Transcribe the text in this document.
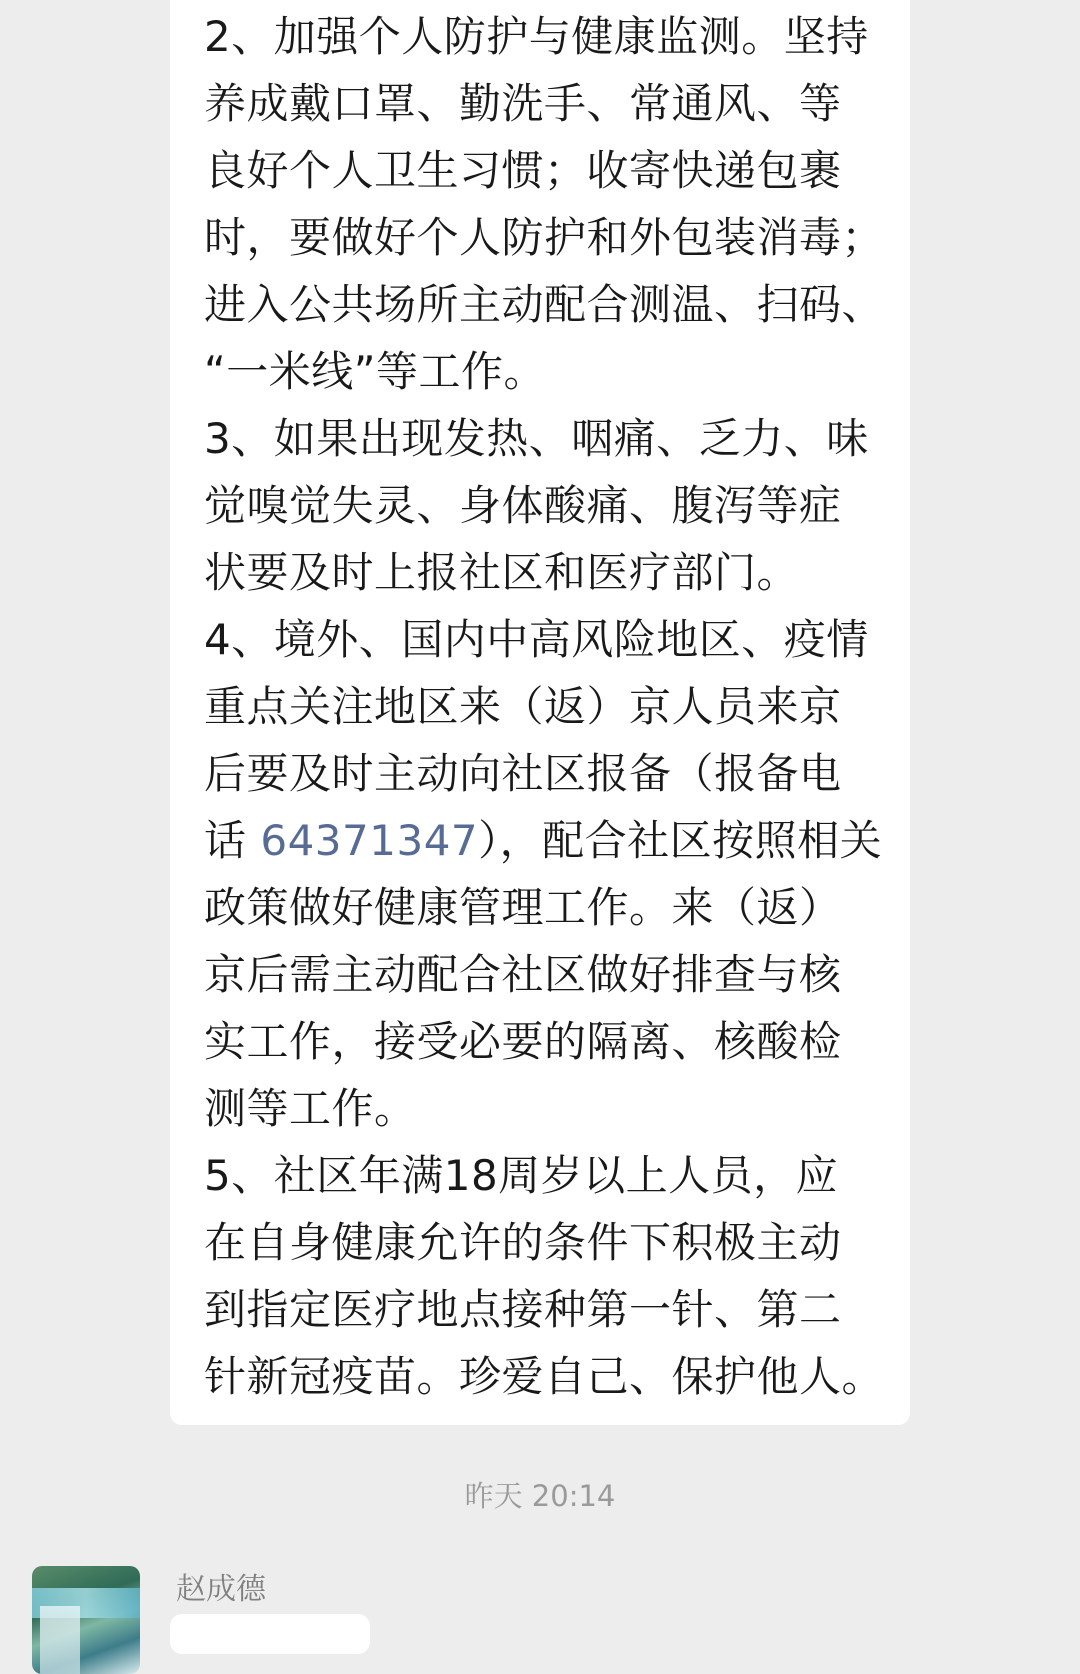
2、加强个人防护与健康监测。坚持
养成戴口罩、勤洗手、常通风、等
良好个人卫生习惯；收寄快递包裹
时，要做好个人防护和外包装消毒；
进入公共场所主动配合测温、扫码、
“一米线”等工作。
3、如果出现发热、咽痛、乏力、味
觉嗅觉失灵、身体酸痛、腹泻等症
状要及时上报社区和医疗部门。
4、境外、国内中高风险地区、疫情
重点关注地区来（返）京人员来京
后要及时主动向社区报备（报备电
话 64371347），配合社区按照相关
政策做好健康管理工作。来（返）
京后需主动配合社区做好排查与核
实工作，接受必要的隔离、核酸检
测等工作。
5、社区年满18周岁以上人员，应
在自身健康允许的条件下积极主动
到指定医疗地点接种第一针、第二
针新冠疫苗。珍爱自己、保护他人。
昨天 20:14
赵成德
